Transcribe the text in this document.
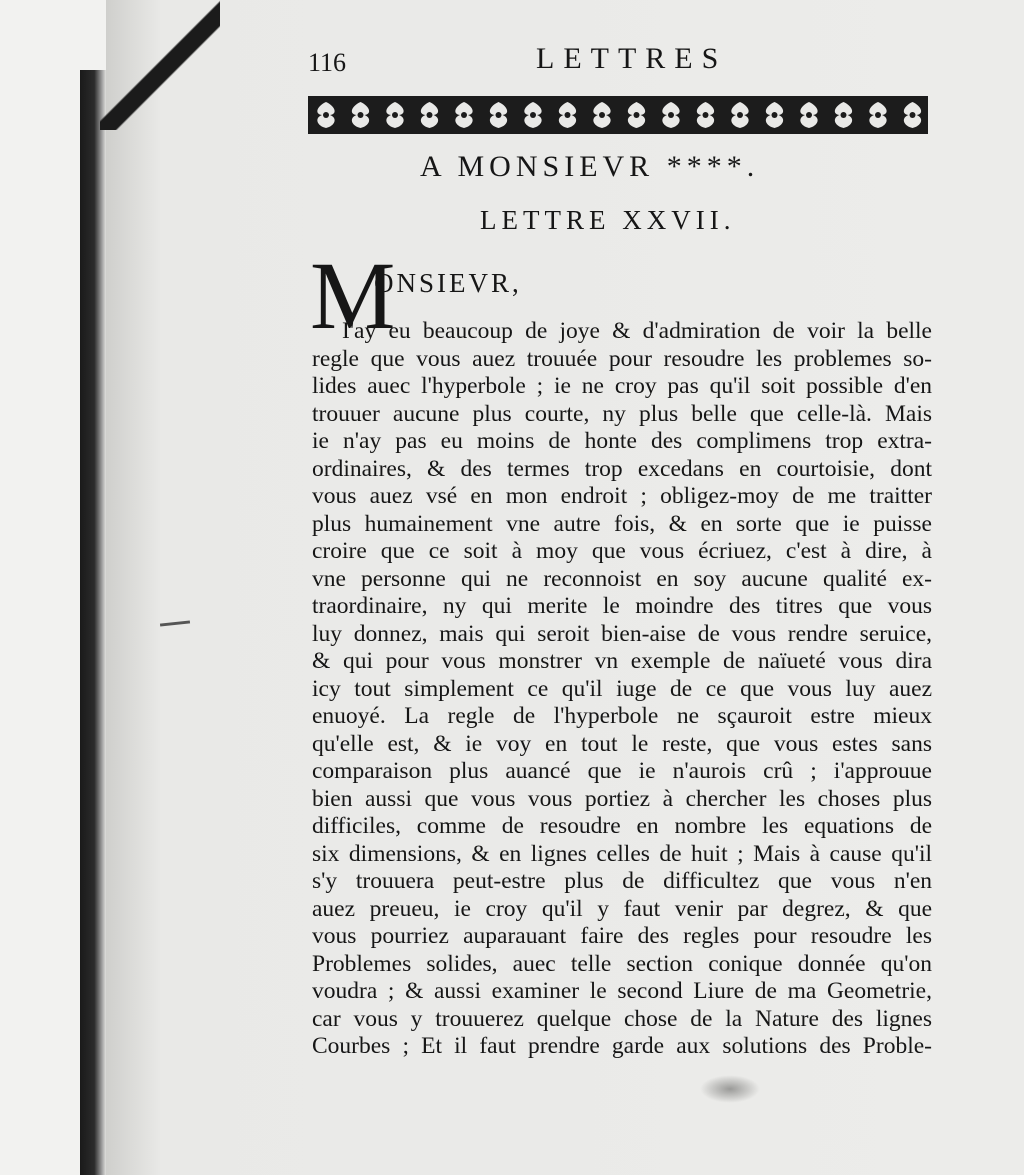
116	LETTRES
A MONSIEVR ****.
LETTRE XXVII.
M
ONSIEVR,
I'ay eu beaucoup de joye & d'admiration de voir la belle
regle que vous auez trouuée pour resoudre les problemes so-
lides auec l'hyperbole ; ie ne croy pas qu'il soit possible d'en
trouuer aucune plus courte, ny plus belle que celle-là. Mais
ie n'ay pas eu moins de honte des complimens trop extra-
ordinaires, & des termes trop excedans en courtoisie, dont
vous auez vsé en mon endroit ; obligez-moy de me traitter
plus humainement vne autre fois, & en sorte que ie puisse
croire que ce soit à moy que vous écriuez, c'est à dire, à
vne personne qui ne reconnoist en soy aucune qualité ex-
traordinaire, ny qui merite le moindre des titres que vous
luy donnez, mais qui seroit bien-aise de vous rendre seruice,
& qui pour vous monstrer vn exemple de naïueté vous dira
icy tout simplement ce qu'il iuge de ce que vous luy auez
enuoyé. La regle de l'hyperbole ne sçauroit estre mieux
qu'elle est, & ie voy en tout le reste, que vous estes sans
comparaison plus auancé que ie n'aurois crû ; i'approuue
bien aussi que vous vous portiez à chercher les choses plus
difficiles, comme de resoudre en nombre les equations de
six dimensions, & en lignes celles de huit ; Mais à cause qu'il
s'y trouuera peut-estre plus de difficultez que vous n'en
auez preueu, ie croy qu'il y faut venir par degrez, & que
vous pourriez auparauant faire des regles pour resoudre les
Problemes solides, auec telle section conique donnée qu'on
voudra ; & aussi examiner le second Liure de ma Geometrie,
car vous y trouuerez quelque chose de la Nature des lignes
Courbes ; Et il faut prendre garde aux solutions des Proble-
